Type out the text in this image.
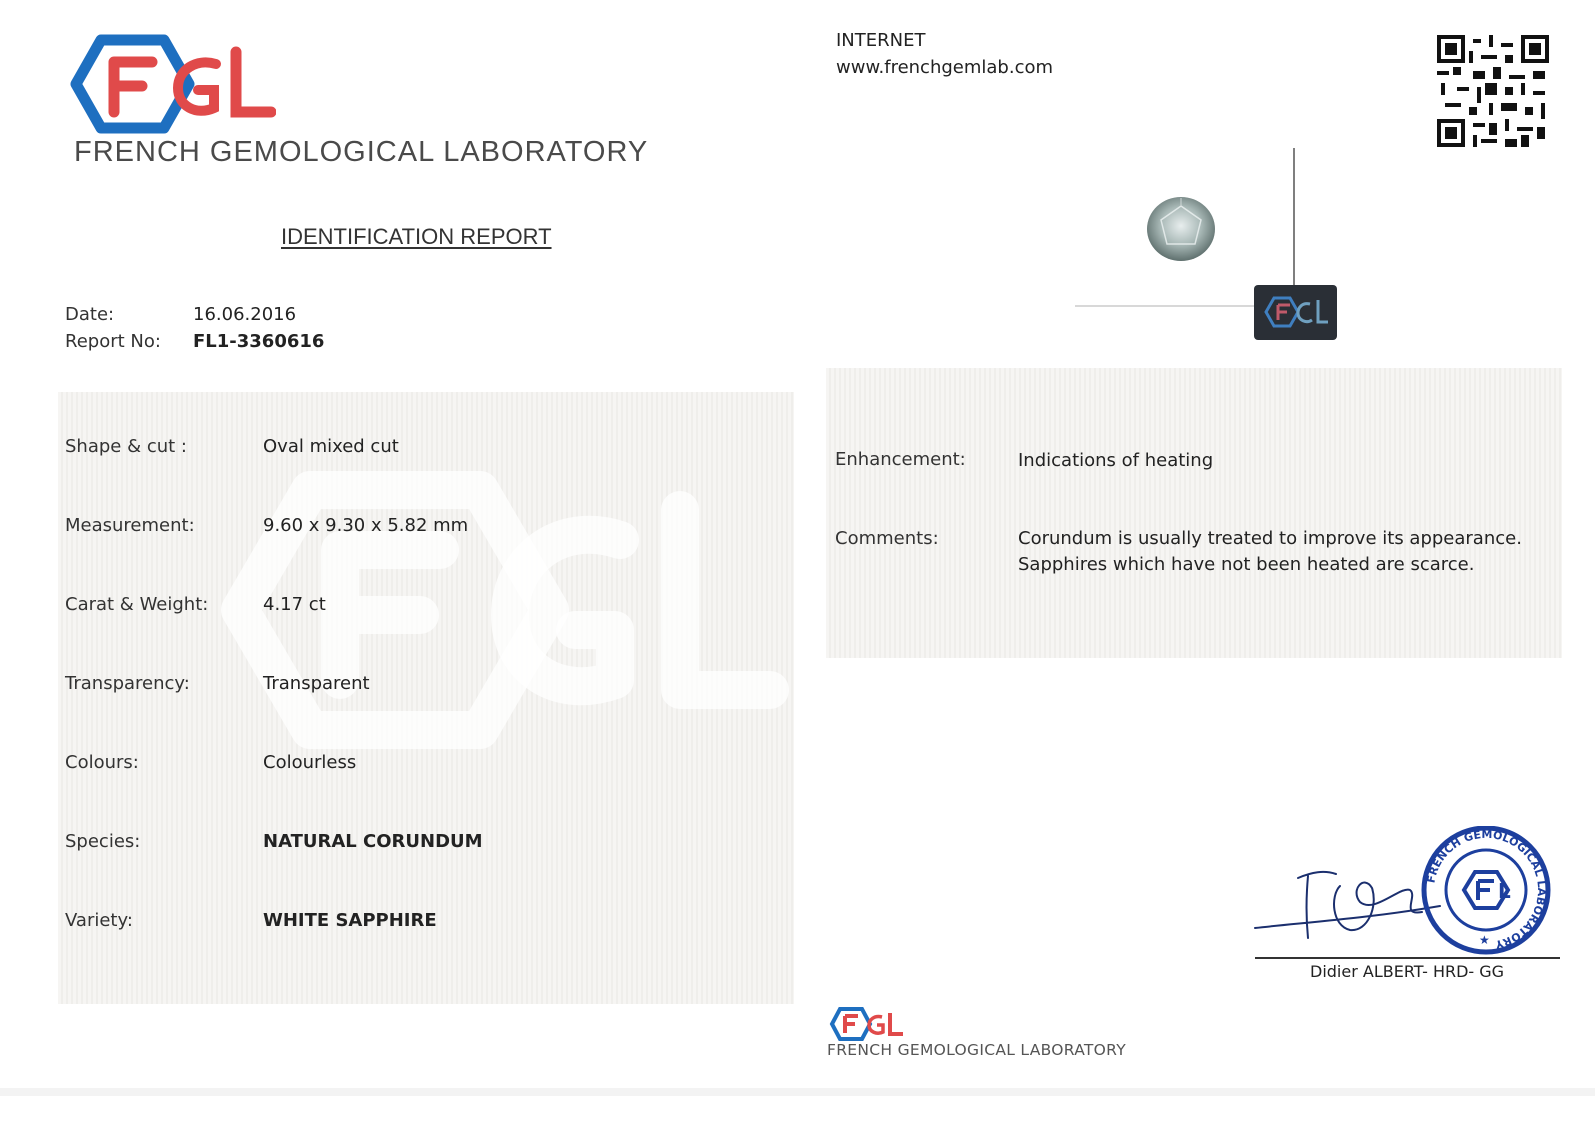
FRENCH GEMOLOGICAL LABORATORY
IDENTIFICATION REPORT
Date:	16.06.2016
Report No: FL1-3360616
Shape & cut :	Oval mixed cut
Measurement:	9.60 x 9.30 x 5.82 mm
Carat & Weight:	4.17 ct
Transparency:	Transparent
Colours:	Colourless
Species:	NATURAL CORUNDUM
Variety:	WHITE SAPPHIRE
INTERNET
www.frenchgemlab.com
Enhancement:	Indications of heating
Comments:	Corundum is usually treated to improve its appearance.
Sapphires which have not been heated are scarce.
FRENCH GEMOLOGICAL LABORATORY
L
★
Didier ALBERT- HRD- GG
FRENCH GEMOLOGICAL LABORATORY
